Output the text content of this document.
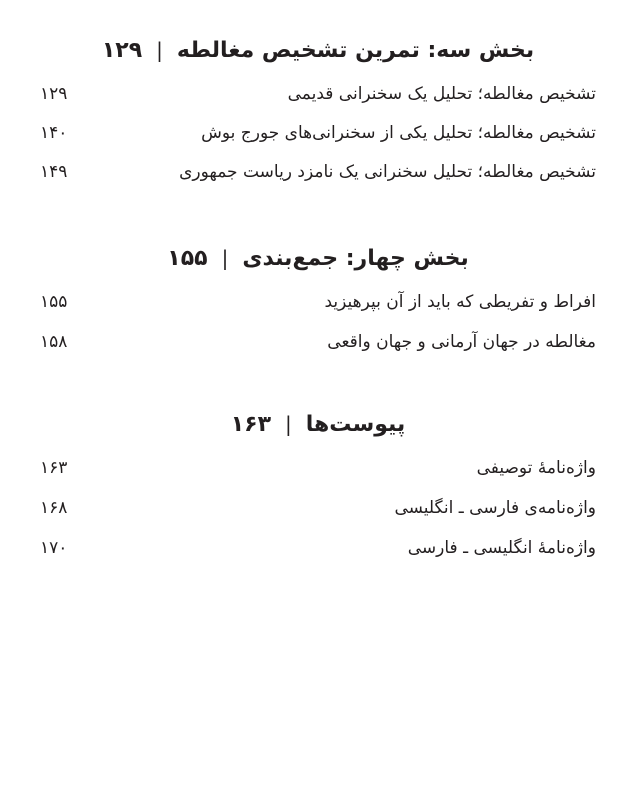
بخش سه: تمرین تشخیص مغالطه
|
۱۲۹
تشخیص مغالطه؛ تحلیل یک سخنرانی قدیمی
۱۲۹
تشخیص مغالطه؛ تحلیل یکی از سخنرانی‌های جورج بوش
۱۴۰
تشخیص مغالطه؛ تحلیل سخنرانی یک نامزد ریاست جمهوری
۱۴۹
بخش چهار: جمع‌بندی
|
۱۵۵
افراط و تفریطی که باید از آن بپرهیزید
۱۵۵
مغالطه در جهان آرمانی و جهان واقعی
۱۵۸
پیوست‌ها
|
۱۶۳
واژه‌نامهٔ توصیفی
۱۶۳
واژه‌نامه‌ی فارسی ـ انگلیسی
۱۶۸
واژه‌نامهٔ انگلیسی ـ فارسی
۱۷۰
